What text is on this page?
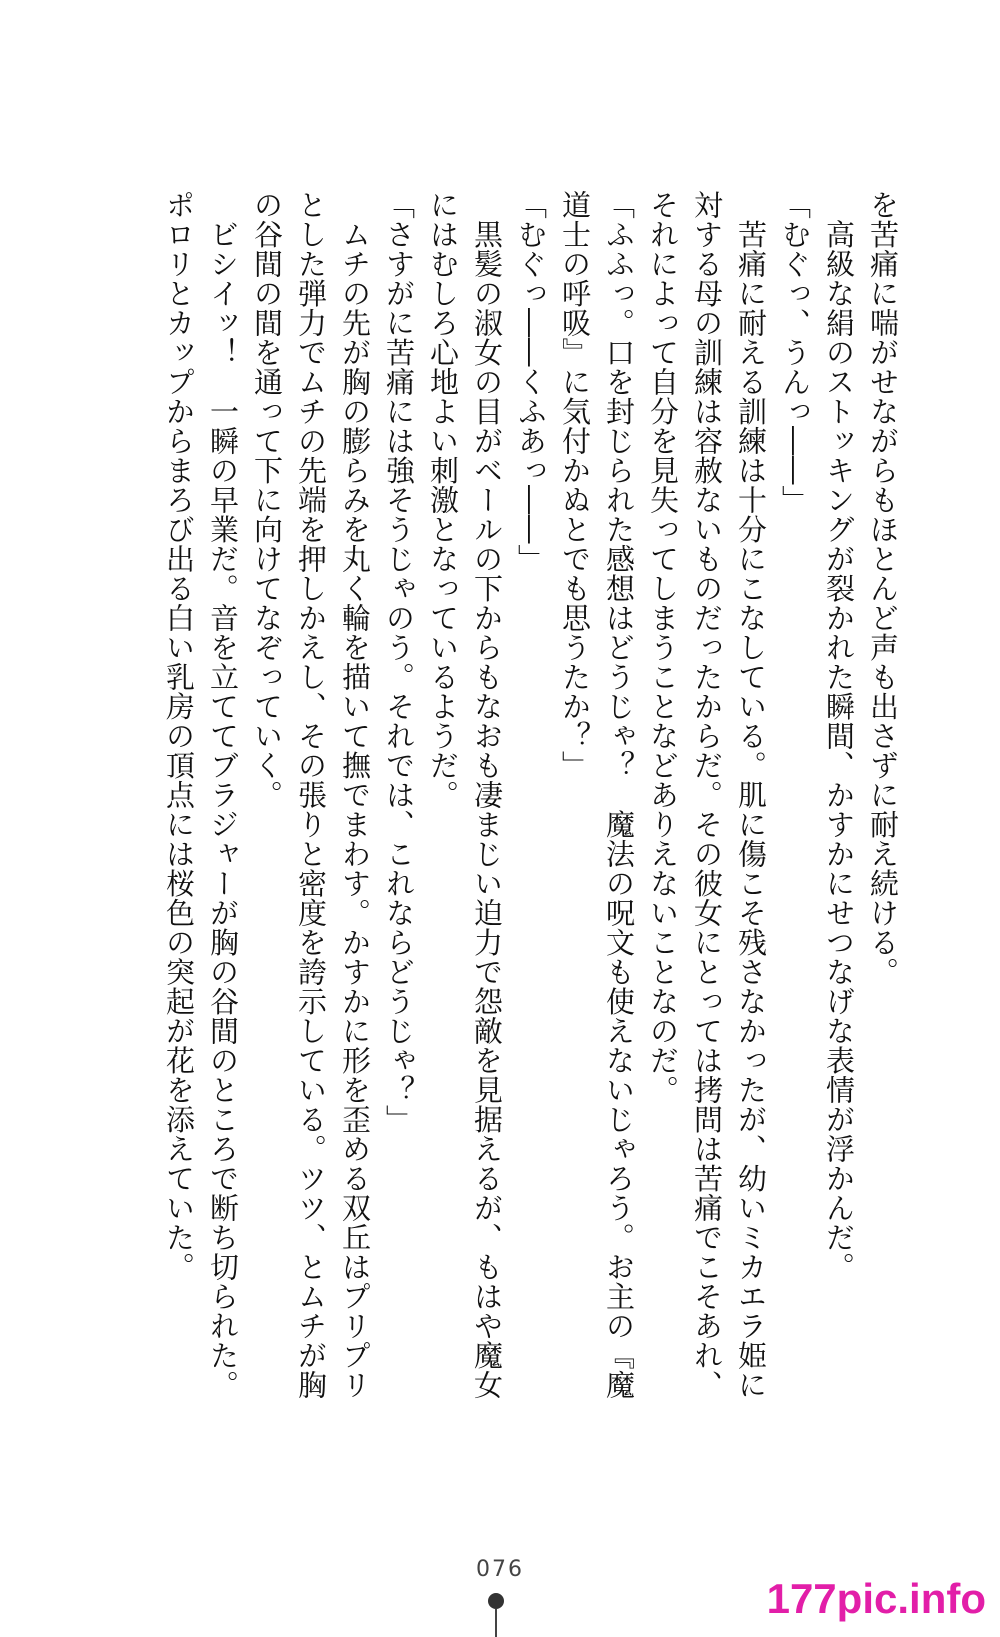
を苦痛に喘がせながらもほとんど声も出さずに耐え続ける。

　高級な絹のストッキングが裂かれた瞬間、かすかにせつなげな表情が浮かんだ。

「むぐっ、うんっ――」

　苦痛に耐える訓練は十分にこなしている。肌に傷こそ残さなかったが、幼いミカエラ姫に対する母の訓練は容赦ないものだったからだ。その彼女にとっては拷問は苦痛でこそあれ、それによって自分を見失ってしまうことなどありえないことなのだ。

「ふふっ。口を封じられた感想はどうじゃ？　魔法の呪文も使えないじゃろう。お主の『魔道士の呼吸』に気付かぬとでも思うたか？」

「むぐっ――くふあっ――」

　黒髪の淑女の目がベールの下からもなおも凄まじい迫力で怨敵を見据えるが、もはや魔女にはむしろ心地よい刺激となっているようだ。

「さすがに苦痛には強そうじゃのう。それでは、これならどうじゃ？」

　ムチの先が胸の膨らみを丸く輪を描いて撫でまわす。かすかに形を歪める双丘はプリプリとした弾力でムチの先端を押しかえし、その張りと密度を誇示している。ツツ、とムチが胸の谷間の間を通って下に向けてなぞっていく。

　ビシイッ！　一瞬の早業だ。音を立ててブラジャーが胸の谷間のところで断ち切られた。

ポロリとカップからまろび出る白い乳房の頂点には桜色の突起が花を添えていた。

076
177pic.info
